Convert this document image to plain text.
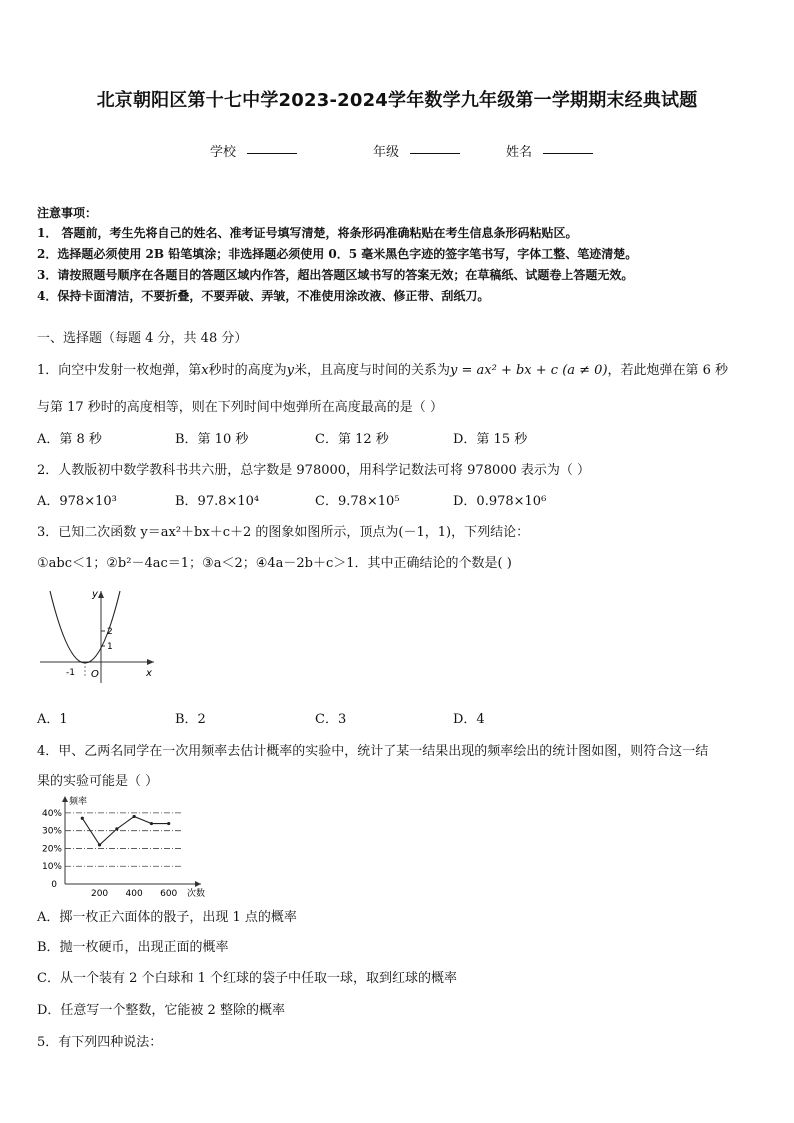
北京朝阳区第十七中学2023-2024学年数学九年级第一学期期末经典试题
学校	年级	姓名
注意事项：
1． 答题前，考生先将自己的姓名、准考证号填写清楚，将条形码准确粘贴在考生信息条形码粘贴区。
2．选择题必须使用 2B 铅笔填涂；非选择题必须使用 0．5 毫米黑色字迹的签字笔书写，字体工整、笔迹清楚。
3．请按照题号顺序在各题目的答题区域内作答，超出答题区域书写的答案无效；在草稿纸、试题卷上答题无效。
4．保持卡面清洁，不要折叠，不要弄破、弄皱，不准使用涂改液、修正带、刮纸刀。
一、选择题（每题 4 分，共 48 分）
1．向空中发射一枚炮弹，第x秒时的高度为y米，且高度与时间的关系为y = ax² + bx + c (a ≠ 0)，若此炮弹在第 6 秒
与第 17 秒时的高度相等，则在下列时间中炮弹所在高度最高的是（ ）
A．第 8 秒	B．第 10 秒	C．第 12 秒	D．第 15 秒
2．人教版初中数学教科书共六册，总字数是 978000，用科学记数法可将 978000 表示为（ ）
A．978×10³	B．97.8×10⁴	C．9.78×10⁵	D．0.978×10⁶
3．已知二次函数 y＝ax²＋bx＋c＋2 的图象如图所示，顶点为(－1，1)，下列结论：
①abc＜1；②b²－4ac＝1；③a＜2；④4a－2b＋c＞1．其中正确结论的个数是( )
y
x
O
2
1
-1
A．1	B．2	C．3	D．4
4．甲、乙两名同学在一次用频率去估计概率的实验中，统计了某一结果出现的频率绘出的统计图如图，则符合这一结
果的实验可能是（ ）
10%
20%
30%
40%
200 400 600
0
频率
次数
A．掷一枚正六面体的骰子，出现 1 点的概率
B．抛一枚硬币，出现正面的概率
C．从一个装有 2 个白球和 1 个红球的袋子中任取一球，取到红球的概率
D．任意写一个整数，它能被 2 整除的概率
5．有下列四种说法：
